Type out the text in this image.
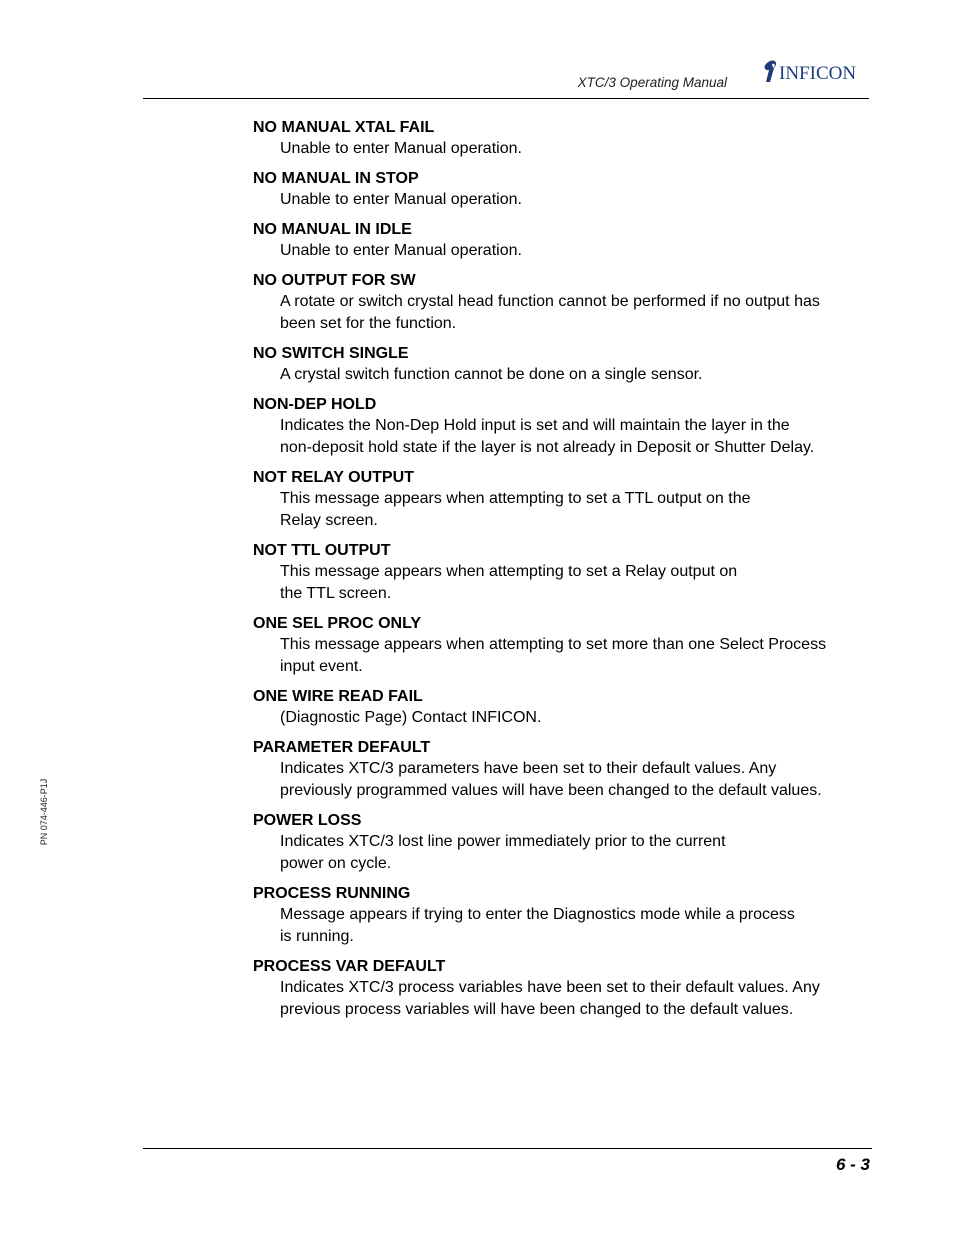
XTC/3 Operating Manual	INFICON
PN 074-446-P1J
NO MANUAL XTAL FAIL
Unable to enter Manual operation.
NO MANUAL IN STOP
Unable to enter Manual operation.
NO MANUAL IN IDLE
Unable to enter Manual operation.
NO OUTPUT FOR SW
A rotate or switch crystal head function cannot be performed if no output has
been set for the function.
NO SWITCH SINGLE
A crystal switch function cannot be done on a single sensor.
NON-DEP HOLD
Indicates the Non-Dep Hold input is set and will maintain the layer in the
non-deposit hold state if the layer is not already in Deposit or Shutter Delay.
NOT RELAY OUTPUT
This message appears when attempting to set a TTL output on the
Relay screen.
NOT TTL OUTPUT
This message appears when attempting to set a Relay output on
the TTL screen.
ONE SEL PROC ONLY
This message appears when attempting to set more than one Select Process
input event.
ONE WIRE READ FAIL
(Diagnostic Page) Contact INFICON.
PARAMETER DEFAULT
Indicates XTC/3 parameters have been set to their default values. Any
previously programmed values will have been changed to the default values.
POWER LOSS
Indicates XTC/3 lost line power immediately prior to the current
power on cycle.
PROCESS RUNNING
Message appears if trying to enter the Diagnostics mode while a process
is running.
PROCESS VAR DEFAULT
Indicates XTC/3 process variables have been set to their default values. Any
previous process variables will have been changed to the default values.
6 - 3
